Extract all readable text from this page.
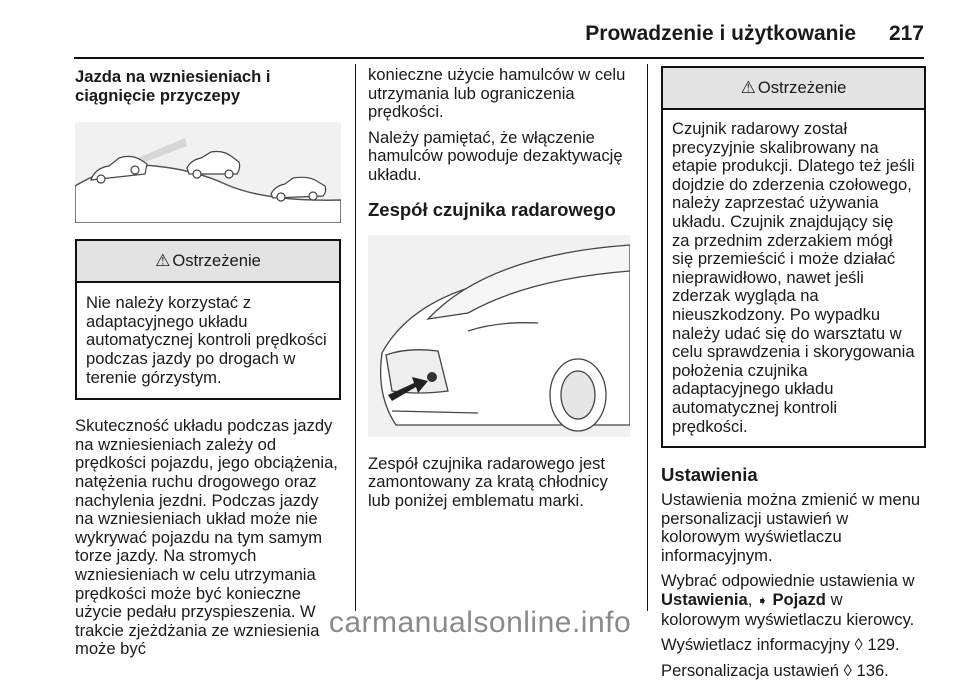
Prowadzenie i użytkowanie 217
Jazda na wzniesieniach i ciągnięcie przyczepy
⚠ Ostrzeżenie
Nie należy korzystać z adaptacyjnego układu automatycznej kontroli prędkości podczas jazdy po drogach w terenie górzystym.

Skuteczność układu podczas jazdy na wzniesieniach zależy od prędkości pojazdu, jego obciążenia, natężenia ruchu drogowego oraz nachylenia jezdni. Podczas jazdy na wzniesieniach układ może nie wykrywać pojazdu na tym samym torze jazdy. Na stromych wzniesieniach w celu utrzymania prędkości może być konieczne użycie pedału przyspieszenia. W trakcie zjeżdżania ze wzniesienia może być

konieczne użycie hamulców w celu utrzymania lub ograniczenia prędkości.

Należy pamiętać, że włączenie hamulców powoduje dezaktywację układu.

Zespół czujnika radarowego

Zespół czujnika radarowego jest zamontowany za kratą chłodnicy lub poniżej emblematu marki.

⚠ Ostrzeżenie
Czujnik radarowy został precyzyjnie skalibrowany na etapie produkcji. Dlatego też jeśli dojdzie do zderzenia czołowego, należy zaprzestać używania układu. Czujnik znajdujący się za przednim zderzakiem mógł się przemieścić i może działać nieprawidłowo, nawet jeśli zderzak wygląda na nieuszkodzony. Po wypadku należy udać się do warsztatu w celu sprawdzenia i skorygowania położenia czujnika adaptacyjnego układu automatycznej kontroli prędkości.
Ustawienia

Ustawienia można zmienić w menu personalizacji ustawień w kolorowym wyświetlaczu informacyjnym.

Wybrać odpowiednie ustawienia w Ustawienia, ➧ Pojazd w kolorowym wyświetlaczu kierowcy.

Wyświetlacz informacyjny ◊ 129.

Personalizacja ustawień ◊ 136.

carmanualsonline.info
